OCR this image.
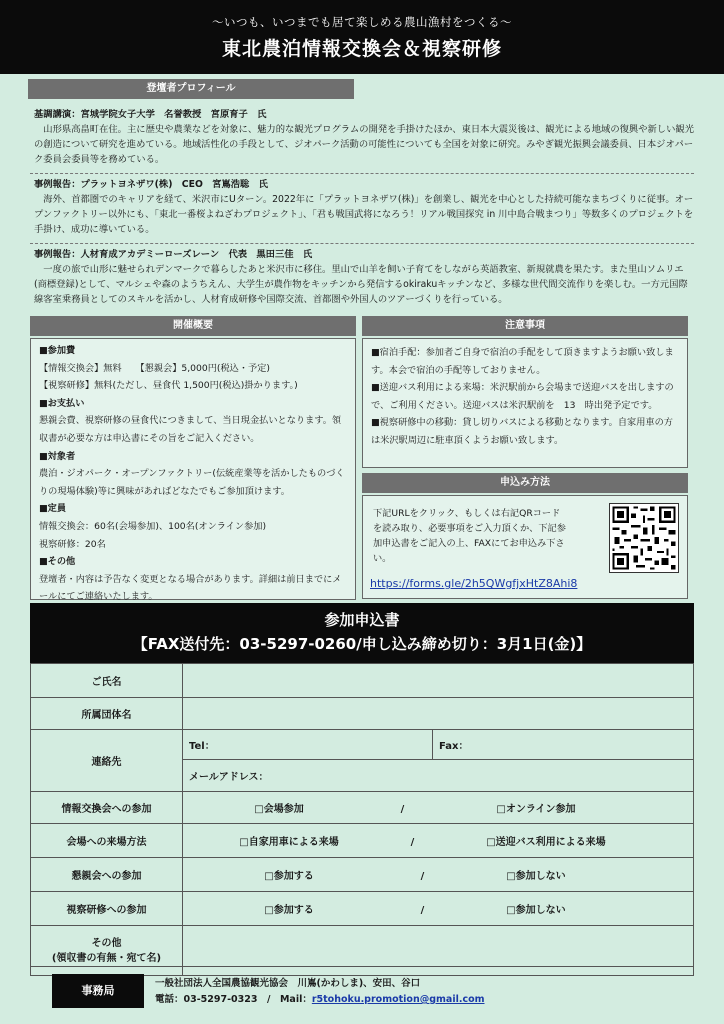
〜いつも、いつまでも居て楽しめる農山漁村をつくる〜
東北農泊情報交換会＆視察研修
登壇者プロフィール
基調講演：宮城学院女子大学　名誉教授　宮原育子　氏
山形県高畠町在住。主に歴史や農業などを対象に、魅力的な観光プログラムの開発を手掛けたほか、東日本大震災後は、観光による地域の復興や新しい観光の創造について研究を進めている。地域活性化の手段として、ジオパーク活動の可能性についても全国を対象に研究。みやぎ観光振興会議委員、日本ジオパーク委員会委員等を務めている。
事例報告：プラットヨネザワ(株)　CEO　宮嶌浩聡　氏
海外、首都圏でのキャリアを経て、米沢市にUターン。2022年に「プラットヨネザワ(株)」を創業し、観光を中心とした持続可能なまちづくりに従事。オープンファクトリー以外にも、「東北一番桜よねざわプロジェクト」、「君も戦国武将になろう！リアル戦国探究 in 川中島合戦まつり」等数多くのプロジェクトを手掛け、成功に導いている。
事例報告：人材育成アカデミーローズレーン　代表　黒田三佳　氏
一度の旅で山形に魅せられデンマークで暮らしたあと米沢市に移住。里山で山羊を飼い子育てをしながら英語教室、新規就農を果たす。また里山ソムリエ(商標登録)として、マルシェや森のようちえん、大学生が農作物をキッチンから発信するokirakuキッチンなど、多様な世代間交流作りを楽しむ。一方元国際線客室乗務員としてのスキルを活かし、人材育成研修や国際交流、首都圏や外国人のツアーづくりを行っている。
開催概要
■参加費
【情報交換会】無料　　【懇親会】5,000円(税込・予定)
【視察研修】無料(ただし、昼食代 1,500円(税込)掛かります。)
■お支払い
懇親会費、視察研修の昼食代につきまして、当日現金払いとなります。領収書が必要な方は申込書にその旨をご記入ください。
■対象者
農泊・ジオパーク・オープンファクトリー(伝統産業等を活かしたものづくりの現場体験)等に興味があればどなたでもご参加頂けます。
■定員
情報交換会：60名(会場参加)、100名(オンライン参加)
視察研修：20名
■その他
登壇者・内容は予告なく変更となる場合があります。詳細は前日までにメールにてご連絡いたします。
注意事項
■宿泊手配：参加者ご自身で宿泊の手配をして頂きますようお願い致します。本会で宿泊の手配等しておりません。
■送迎バス利用による来場：米沢駅前から会場まで送迎バスを出しますので、ご利用ください。送迎バスは米沢駅前を　13　時出発予定です。
■視察研修中の移動：貸し切りバスによる移動となります。自家用車の方は米沢駅周辺に駐車頂くようお願い致します。
申込み方法
下記URLをクリック、もしくは右記QRコードを読み取り、必要事項をご入力頂くか、下記参加申込書をご記入の上、FAXにてお申込み下さい。
https://forms.gle/2h5QWgfjxHtZ8Ahi8
参加申込書
【FAX送付先：03-5297-0260/申し込み締め切り：3月1日(金)】
ご氏名		
所属団体名		
連絡先	Tel：	Fax：
	メールアドレス：	
情報交換会への参加	□会場参加 / □オンライン参加	
会場への来場方法	□自家用車による来場 / □送迎バス利用による来場	
懇親会への参加	□参加する / □参加しない	
視察研修への参加	□参加する / □参加しない	

その他
(領収書の有無・宛て名)		

事務局
一般社団法人全国農協観光協会　川嶌(かわしま)、安田、谷口
電話：03-5297-0323　/　Mail：r5tohoku.promotion@gmail.com
